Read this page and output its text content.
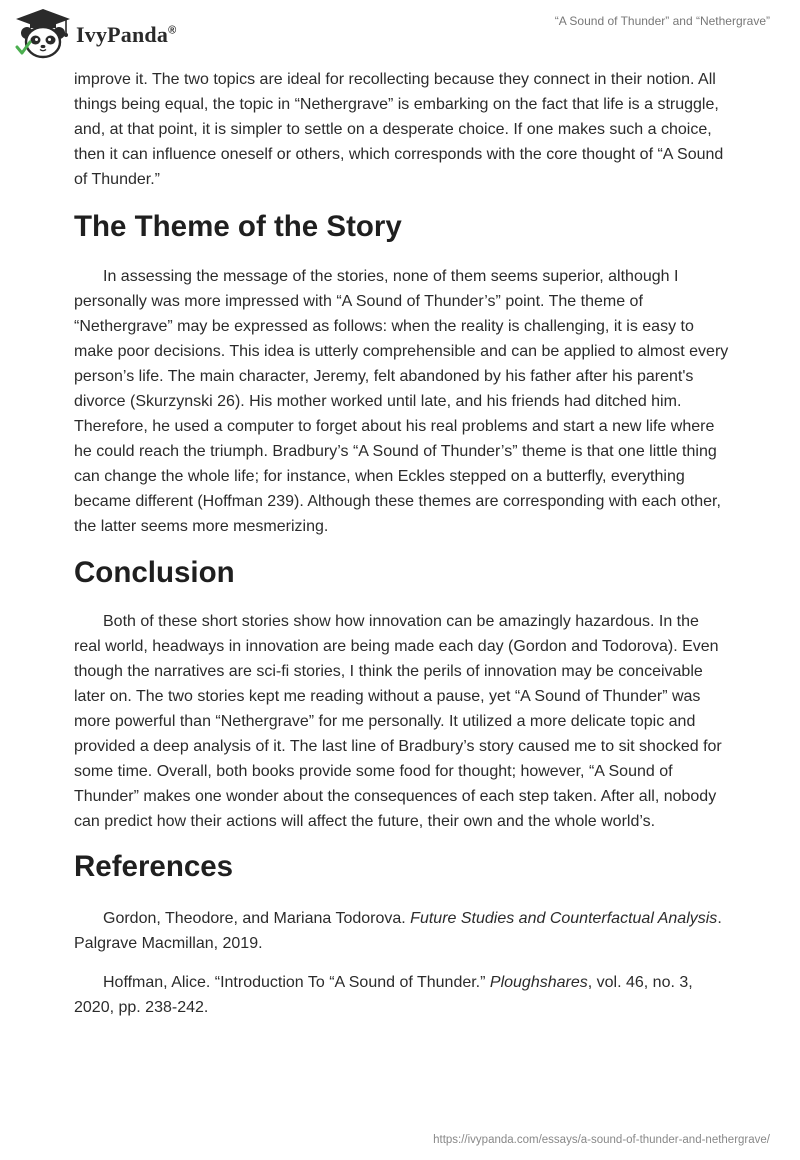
IvyPanda®
“A Sound of Thunder” and “Nethergrave”

improve it. The two topics are ideal for recollecting because they connect in their notion. All things being equal, the topic in “Nethergrave” is embarking on the fact that life is a struggle, and, at that point, it is simpler to settle on a desperate choice. If one makes such a choice, then it can influence oneself or others, which corresponds with the core thought of “A Sound of Thunder.”

The Theme of the Story

In assessing the message of the stories, none of them seems superior, although I personally was more impressed with “A Sound of Thunder’s” point. The theme of “Nethergrave” may be expressed as follows: when the reality is challenging, it is easy to make poor decisions. This idea is utterly comprehensible and can be applied to almost every person’s life. The main character, Jeremy, felt abandoned by his father after his parent's divorce (Skurzynski 26). His mother worked until late, and his friends had ditched him. Therefore, he used a computer to forget about his real problems and start a new life where he could reach the triumph. Bradbury’s “A Sound of Thunder’s” theme is that one little thing can change the whole life; for instance, when Eckles stepped on a butterfly, everything became different (Hoffman 239). Although these themes are corresponding with each other, the latter seems more mesmerizing.

Conclusion

Both of these short stories show how innovation can be amazingly hazardous. In the real world, headways in innovation are being made each day (Gordon and Todorova). Even though the narratives are sci-fi stories, I think the perils of innovation may be conceivable later on. The two stories kept me reading without a pause, yet “A Sound of Thunder” was more powerful than “Nethergrave” for me personally. It utilized a more delicate topic and provided a deep analysis of it. The last line of Bradbury’s story caused me to sit shocked for some time. Overall, both books provide some food for thought; however, “A Sound of Thunder” makes one wonder about the consequences of each step taken. After all, nobody can predict how their actions will affect the future, their own and the whole world’s.

References

Gordon, Theodore, and Mariana Todorova. Future Studies and Counterfactual Analysis. Palgrave Macmillan, 2019.

Hoffman, Alice. “Introduction To “A Sound of Thunder.” Ploughshares, vol. 46, no. 3, 2020, pp. 238-242.

https://ivypanda.com/essays/a-sound-of-thunder-and-nethergrave/
